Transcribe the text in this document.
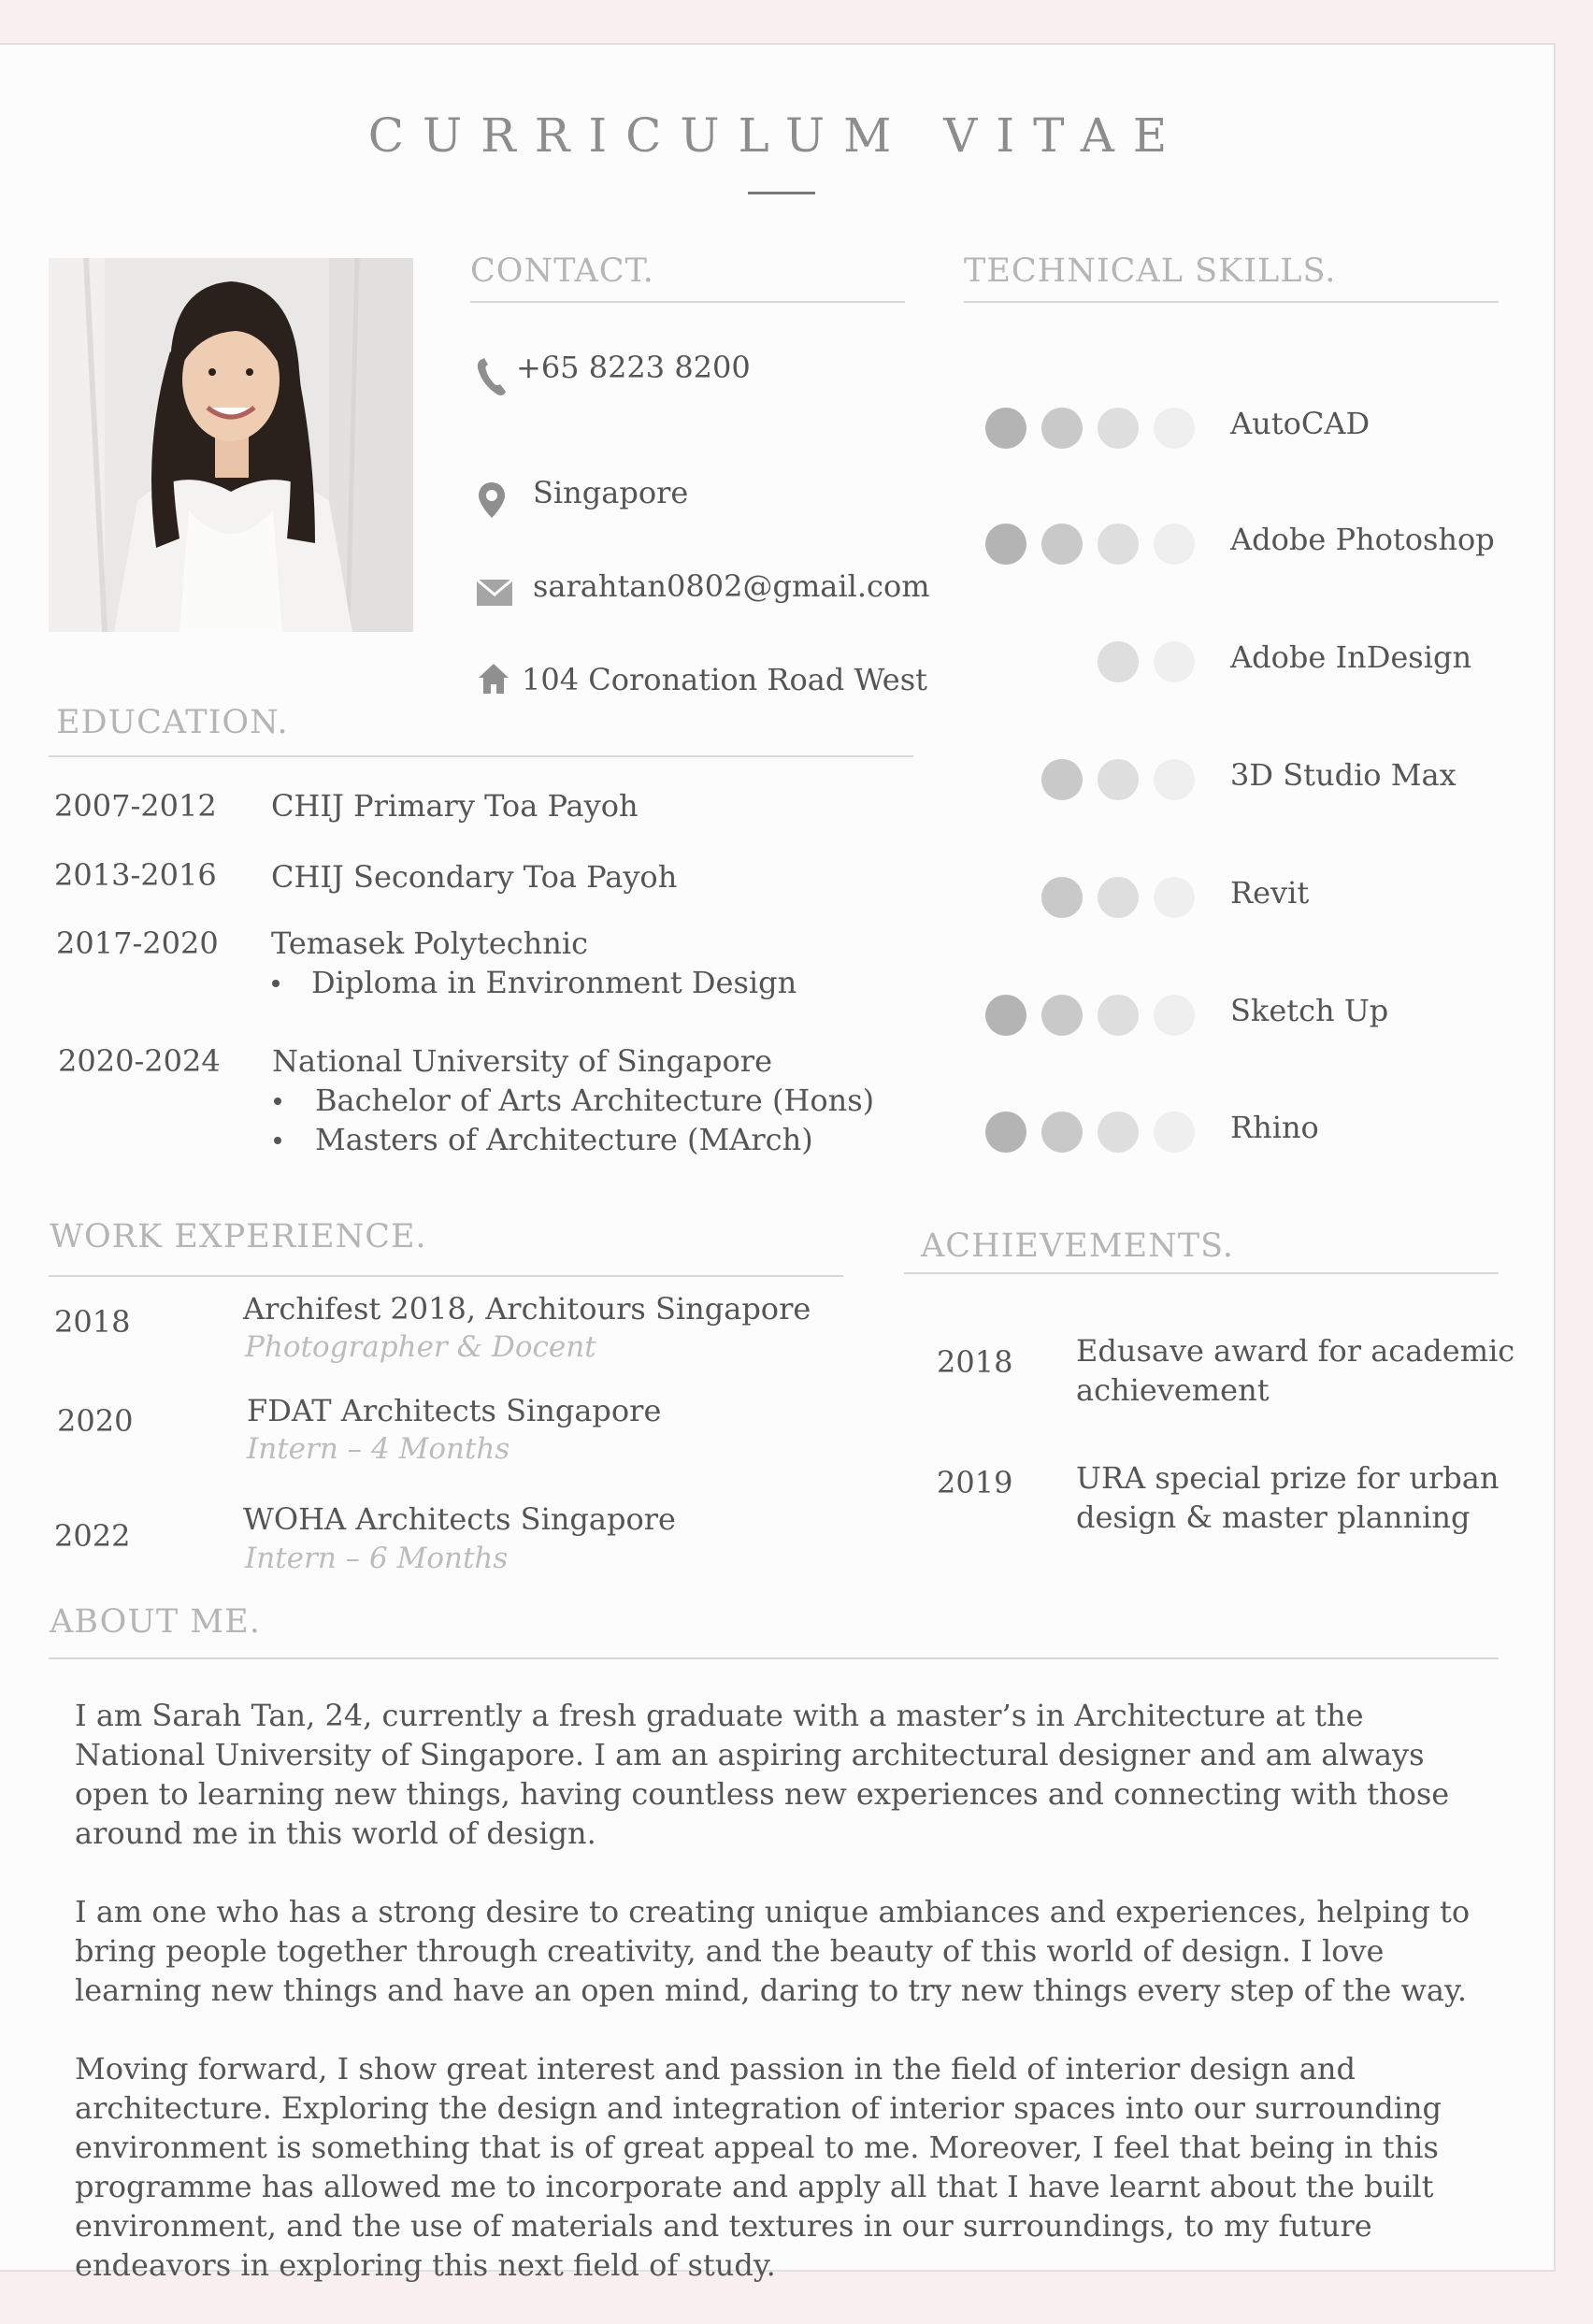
CURRICULUM VITAE
CONTACT.
+65 8223 8200
Singapore
sarahtan0802@gmail.com
104 Coronation Road West
TECHNICAL SKILLS.
EDUCATION.
2007-2012 CHIJ Primary Toa Payoh
2013-2016 CHIJ Secondary Toa Payoh
2017-2020 Temasek Polytechnic
Diploma in Environment Design
2020-2024 National University of Singapore
Bachelor of Arts Architecture (Hons)
Masters of Architecture (MArch)
WORK EXPERIENCE.
2018	Archifest 2018, Architours Singapore
Photographer & Docent
2020	FDAT Architects Singapore
Intern – 4 Months
2022	WOHA Architects Singapore
Intern – 6 Months
ACHIEVEMENTS.
2018 Edusave award for academic
achievement
2019 URA special prize for urban
design & master planning
ABOUT ME.

I am Sarah Tan, 24, currently a fresh graduate with a master’s in Architecture at the National University of Singapore. I am an aspiring architectural designer and am always open to learning new things, having countless new experiences and connecting with those around me in this world of design.

I am one who has a strong desire to creating unique ambiances and experiences, helping to bring people together through creativity, and the beauty of this world of design. I love learning new things and have an open mind, daring to try new things every step of the way.

Moving forward, I show great interest and passion in the field of interior design and architecture. Exploring the design and integration of interior spaces into our surrounding environment is something that is of great appeal to me. Moreover, I feel that being in this programme has allowed me to incorporate and apply all that I have learnt about the built environment, and the use of materials and textures in our surroundings, to my future endeavors in exploring this next field of study.

AutoCAD
Adobe Photoshop
Adobe InDesign
3D Studio Max
Revit
Sketch Up
Rhino
